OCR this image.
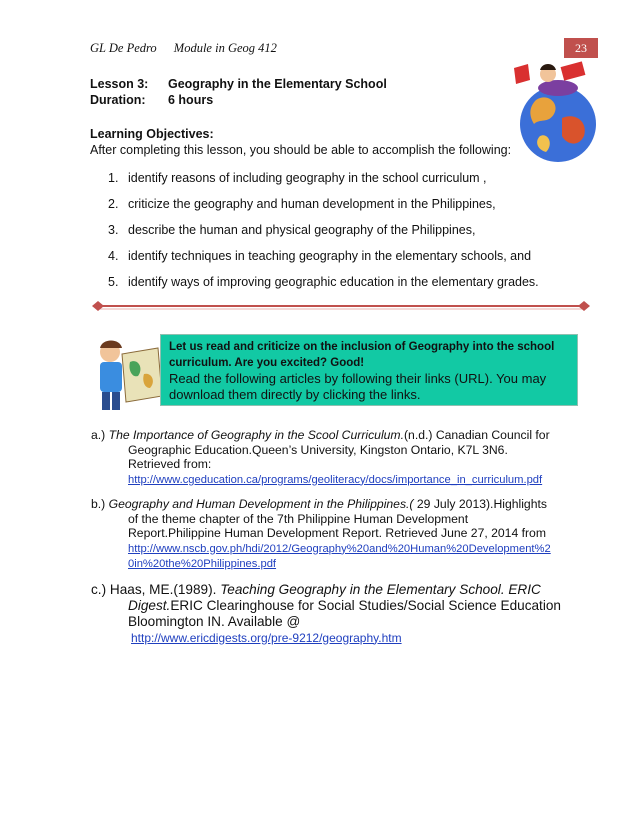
GL De Pedro Module in Geog 412	23
Lesson 3:	Geography in the Elementary School
Duration:	6 hours
Learning Objectives:
After completing this lesson, you should be able to accomplish the following:
1. identify reasons of including geography in the school curriculum ,
2. criticize the geography and human development in the Philippines,
3. describe the human and physical geography of the Philippines,
4. identify techniques in teaching geography in the elementary schools, and
5. identify ways of improving geographic education in the elementary grades.
Let us read and criticize on the inclusion of Geography into the school curriculum. Are you excited? Good!
Read the following articles by following their links (URL). You may download them directly by clicking the links.
a.) The Importance of Geography in the Scool Curriculum.(n.d.) Canadian Council for
Geographic Education.Queen’s University, Kingston Ontario, K7L 3N6.
Retrieved from:
http://www.cgeducation.ca/programs/geoliteracy/docs/importance_in_curriculum.pdf
b.) Geography and Human Development in the Philippines.( 29 July 2013).Highlights
of the theme chapter of the 7th Philippine Human Development
Report.Philippine Human Development Report. Retrieved June 27, 2014 from
http://www.nscb.gov.ph/hdi/2012/Geography%20and%20Human%20Development%2
0in%20the%20Philippines.pdf
c.) Haas, ME.(1989). Teaching Geography in the Elementary School. ERIC
Digest.ERIC Clearinghouse for Social Studies/Social Science Education
Bloomington IN. Available @
http://www.ericdigests.org/pre-9212/geography.htm
